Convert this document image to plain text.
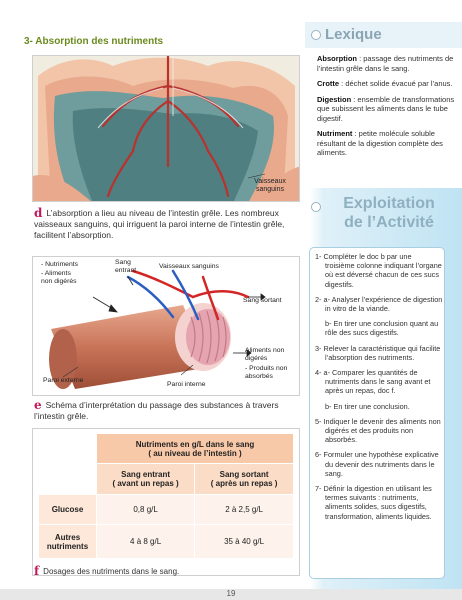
3- Absorption des nutriments
Vaisseaux
sanguins
d L’absorption a lieu au niveau de l’intestin grêle. Les nombreux vaisseaux sanguins, qui irriguent la paroi interne de l’intestin grêle, facilitent l’absorption.
- Nutriments
- Aliments
non digérés
Sang
entrant
Vaisseaux sanguins
Sang sortant
Aliments non
digérés
- Produits non
absorbés
Paroi externe
Paroi interne
e Schéma d’interprétation du passage des substances à travers l’intestin grêle.
	Nutriments en g/L dans le sang
( au niveau de l’intestin )	
	Sang entrant
( avant un repas )	Sang sortant
( après un repas )
Glucose	0,8 g/L	2 à 2,5 g/L
Autres
nutriments	4 à 8 g/L	35 à 40 g/L
f Dosages des nutriments dans le sang.
Lexique

Absorption : passage des nutriments de l’intestin grêle dans le sang.

Crotte : déchet solide évacué par l’anus.

Digestion : ensemble de transformations que subissent les aliments dans le tube digestif.

Nutriment : petite molécule soluble résultant de la digestion complète des aliments.

Exploitation
de l’Activité
1- Compléter le doc b par une troisième colonne indiquant l’organe où est déversé chacun de ces sucs digestifs.
2- a- Analyser l’expérience de digestion in vitro de la viande.
b- En tirer une conclusion quant au rôle des sucs digestifs.
3- Relever la caractéristique qui facilite l’absorption des nutriments.
4- a- Comparer les quantités de nutriments dans le sang avant et après un repas, doc f.
b- En tirer une conclusion.
5- Indiquer le devenir des aliments non digérés et des produits non absorbés.
6- Formuler une hypothèse explicative du devenir des nutriments dans le sang.
7- Définir la digestion en utilisant les termes suivants : nutriments, aliments solides, sucs digestifs, transformation, aliments liquides.
19
